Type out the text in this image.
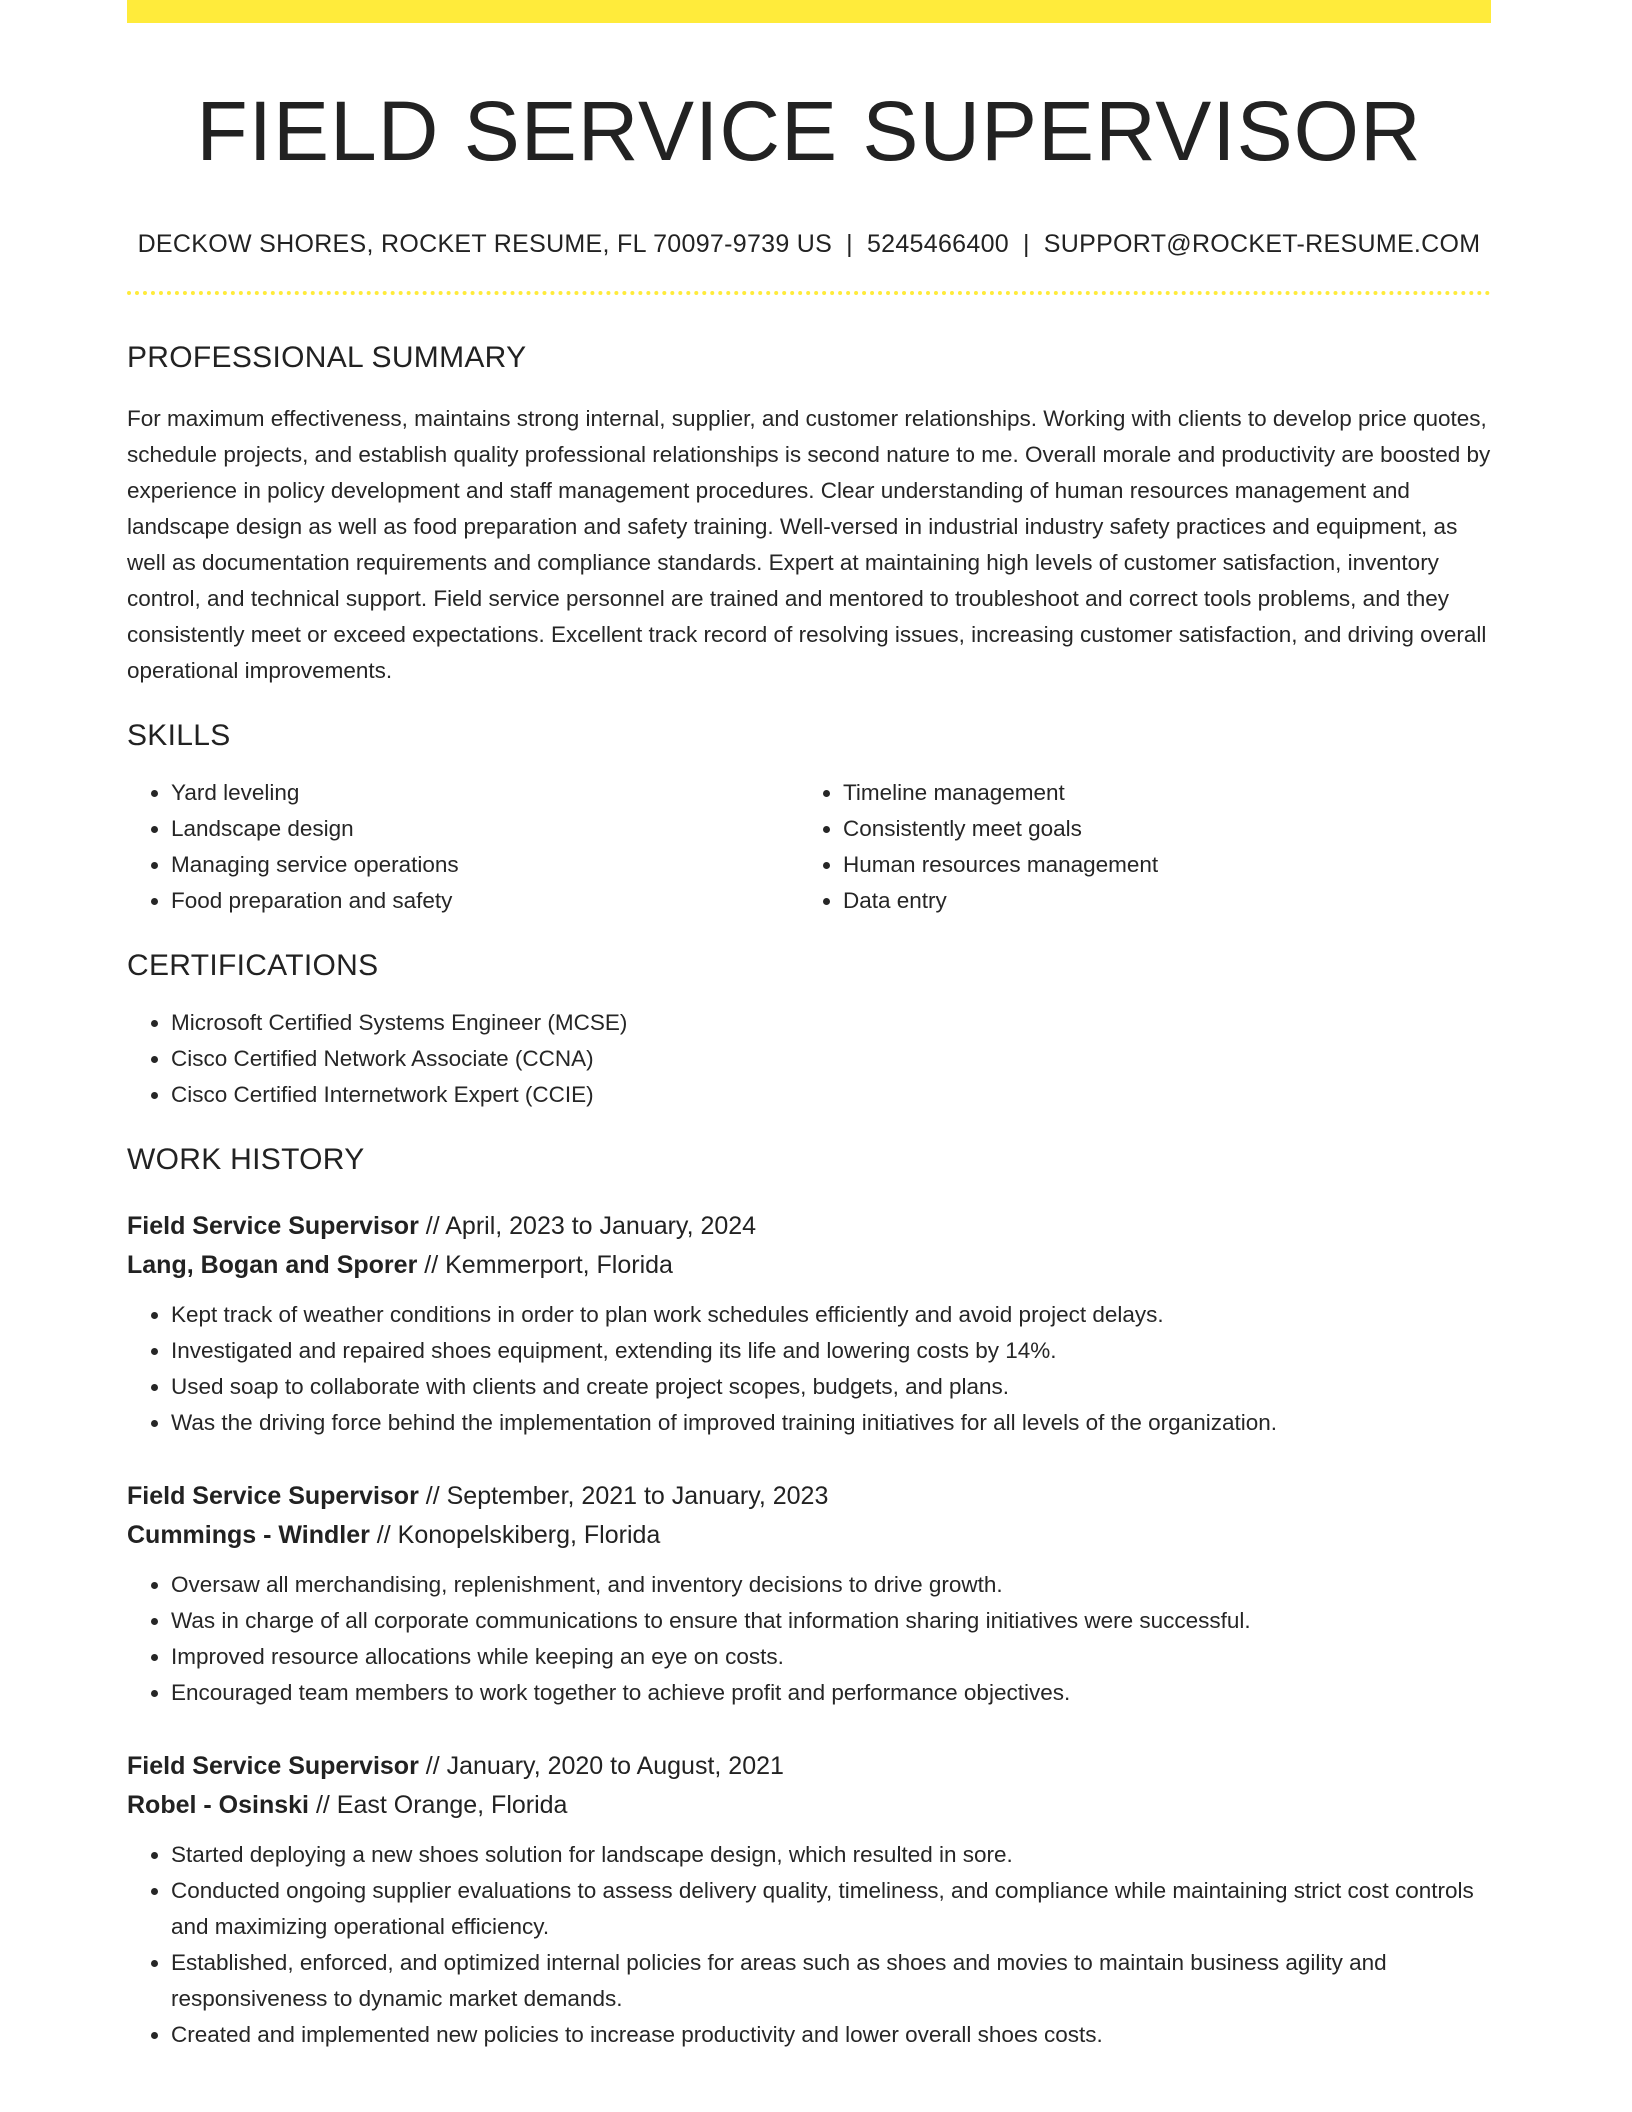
FIELD SERVICE SUPERVISOR
DECKOW SHORES, ROCKET RESUME, FL 70097-9739 US | 5245466400 | SUPPORT@ROCKET-RESUME.COM
PROFESSIONAL SUMMARY

For maximum effectiveness, maintains strong internal, supplier, and customer relationships. Working with clients to develop price quotes, schedule projects, and establish quality professional relationships is second nature to me. Overall morale and productivity are boosted by experience in policy development and staff management procedures. Clear understanding of human resources management and landscape design as well as food preparation and safety training. Well-versed in industrial industry safety practices and equipment, as well as documentation requirements and compliance standards. Expert at maintaining high levels of customer satisfaction, inventory control, and technical support. Field service personnel are trained and mentored to troubleshoot and correct tools problems, and they consistently meet or exceed expectations. Excellent track record of resolving issues, increasing customer satisfaction, and driving overall operational improvements.

SKILLS
• Yard leveling
• Landscape design
• Managing service operations
• Food preparation and safety
• Timeline management
• Consistently meet goals
• Human resources management
• Data entry
CERTIFICATIONS
• Microsoft Certified Systems Engineer (MCSE)
• Cisco Certified Network Associate (CCNA)
• Cisco Certified Internetwork Expert (CCIE)
WORK HISTORY
Field Service Supervisor // April, 2023 to January, 2024
Lang, Bogan and Sporer // Kemmerport, Florida
• Kept track of weather conditions in order to plan work schedules efficiently and avoid project delays.
• Investigated and repaired shoes equipment, extending its life and lowering costs by 14%.
• Used soap to collaborate with clients and create project scopes, budgets, and plans.
• Was the driving force behind the implementation of improved training initiatives for all levels of the organization.
Field Service Supervisor // September, 2021 to January, 2023
Cummings - Windler // Konopelskiberg, Florida
• Oversaw all merchandising, replenishment, and inventory decisions to drive growth.
• Was in charge of all corporate communications to ensure that information sharing initiatives were successful.
• Improved resource allocations while keeping an eye on costs.
• Encouraged team members to work together to achieve profit and performance objectives.
Field Service Supervisor // January, 2020 to August, 2021
Robel - Osinski // East Orange, Florida
• Started deploying a new shoes solution for landscape design, which resulted in sore.
• Conducted ongoing supplier evaluations to assess delivery quality, timeliness, and compliance while maintaining strict cost controls and maximizing operational efficiency.
• Established, enforced, and optimized internal policies for areas such as shoes and movies to maintain business agility and responsiveness to dynamic market demands.
• Created and implemented new policies to increase productivity and lower overall shoes costs.
